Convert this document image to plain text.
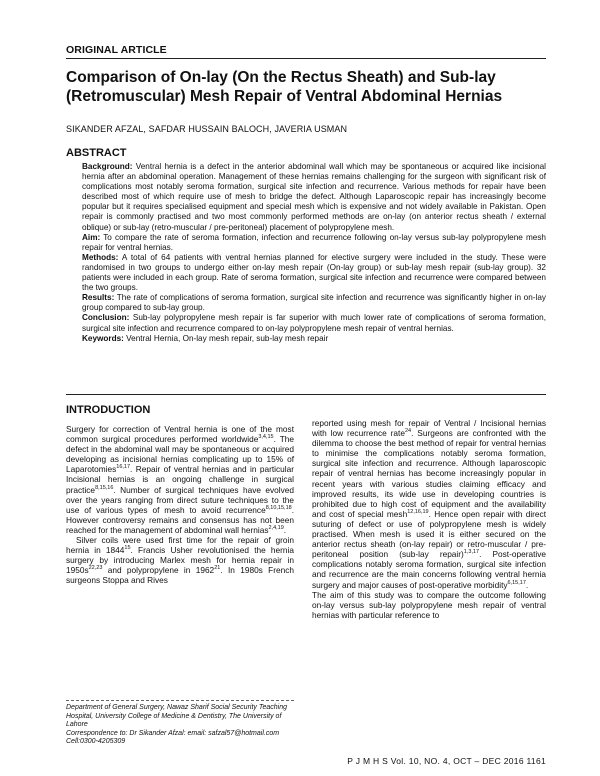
ORIGINAL ARTICLE
Comparison of On-lay (On the Rectus Sheath) and Sub-lay (Retromuscular) Mesh Repair of Ventral Abdominal Hernias
SIKANDER AFZAL, SAFDAR HUSSAIN BALOCH, JAVERIA USMAN
ABSTRACT

Background: Ventral hernia is a defect in the anterior abdominal wall which may be spontaneous or acquired like incisional hernia after an abdominal operation. Management of these hernias remains challenging for the surgeon with significant risk of complications most notably seroma formation, surgical site infection and recurrence. Various methods for repair have been described most of which require use of mesh to bridge the defect. Although Laparoscopic repair has increasingly become popular but it requires specialised equipment and special mesh which is expensive and not widely available in Pakistan. Open repair is commonly practised and two most commonly performed methods are on-lay (on anterior rectus sheath / external oblique) or sub-lay (retro-muscular / pre-peritoneal) placement of polypropylene mesh.

Aim: To compare the rate of seroma formation, infection and recurrence following on-lay versus sub-lay polypropylene mesh repair for ventral hernias.

Methods: A total of 64 patients with ventral hernias planned for elective surgery were included in the study. These were randomised in two groups to undergo either on-lay mesh repair (On-lay group) or sub-lay mesh repair (sub-lay group). 32 patients were included in each group. Rate of seroma formation, surgical site infection and recurrence were compared between the two groups.

Results: The rate of complications of seroma formation, surgical site infection and recurrence was significantly higher in on-lay group compared to sub-lay group.

Conclusion: Sub-lay polypropylene mesh repair is far superior with much lower rate of complications of seroma formation, surgical site infection and recurrence compared to on-lay polypropylene mesh repair of ventral hernias.

Keywords: Ventral Hernia, On-lay mesh repair, sub-lay mesh repair

INTRODUCTION

Surgery for correction of Ventral hernia is one of the most common surgical procedures performed worldwide$^{3,4,15}$. The defect in the abdominal wall may be spontaneous or acquired developing as incisional hernias complicating up to 15% of Laparotomies$^{16,17}$. Repair of ventral hernias and in particular Incisional hernias is an ongoing challenge in surgical practice$^{8,15,16}$. Number of surgical techniques have evolved over the years ranging from direct suture techniques to the use of various types of mesh to avoid recurrence$^{8,10,15,18}$. However controversy remains and consensus has not been reached for the management of abdominal wall hernias$^{2,4,19}$.

Silver coils were used first time for the repair of groin hernia in 1844$^{15}$. Francis Usher revolutionised the hernia surgery by introducing Marlex mesh for hernia repair in $1950s^{22,23}$ and polypropylene in 1962$^{21}$. In 1980s French surgeons Stoppa and Rives

reported using mesh for repair of Ventral / Incisional hernias with low recurrence rate$^{24}$. Surgeons are confronted with the dilemma to choose the best method of repair for ventral hernias to minimise the complications notably seroma formation, surgical site infection and recurrence. Although laparoscopic repair of ventral hernias has become increasingly popular in recent years with various studies claiming efficacy and improved results, its wide use in developing countries is prohibited due to high cost of equipment and the availability and cost of special mesh$^{12,16,19}$. Hence open repair with direct suturing of defect or use of polypropylene mesh is widely practised. When mesh is used it is either secured on the anterior rectus sheath (on-lay repair) or retro-muscular / pre-peritoneal position (sub-lay repair)$^{1,3,17}$. Post-operative complications notably seroma formation, surgical site infection and recurrence are the main concerns following ventral hernia surgery and major causes of post-operative morbidity$^{6,15,17}$.

The aim of this study was to compare the outcome following on-lay versus sub-lay polypropylene mesh repair of ventral hernias with particular reference to

Department of General Surgery, Nawaz Sharif Social Security Teaching Hospital, University College of Medicine & Dentistry, The University of Lahore

Correspondence to: Dr Sikander Afzal: email: safzal57@hotmail.com Cell:0300-4205309

P J M H S Vol. 10, NO. 4, OCT – DEC 2016 1161
